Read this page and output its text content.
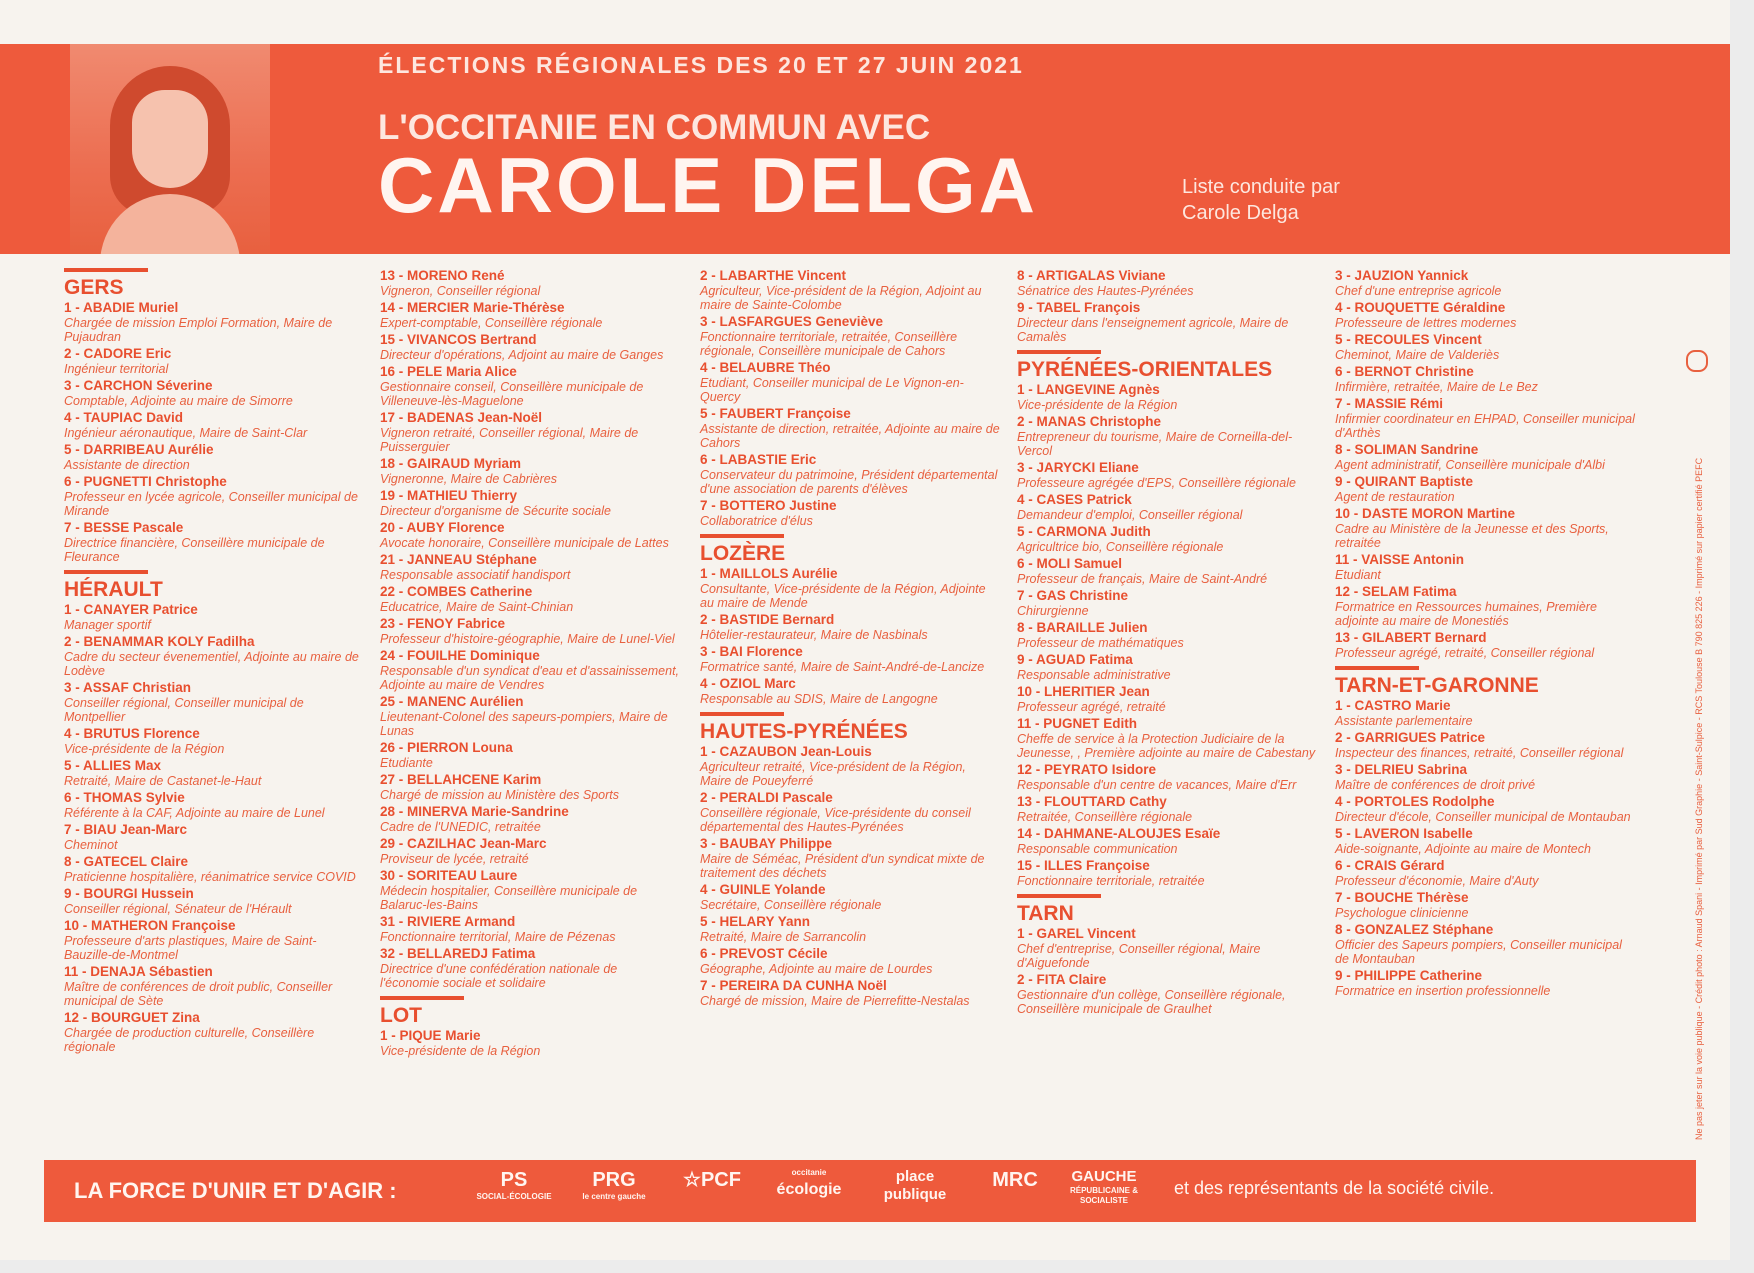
ÉLECTIONS RÉGIONALES DES 20 ET 27 JUIN 2021
L'OCCITANIE EN COMMUN AVEC
CAROLE DELGA	Liste conduite par Carole Delga
GERS
1 - ABADIE Muriel
Chargée de mission Emploi Formation, Maire de Pujaudran
2 - CADORE Eric
Ingénieur territorial
3 - CARCHON Séverine
Comptable, Adjointe au maire de Simorre
4 - TAUPIAC David
Ingénieur aéronautique, Maire de Saint-Clar
5 - DARRIBEAU Aurélie
Assistante de direction
6 - PUGNETTI Christophe
Professeur en lycée agricole, Conseiller municipal de Mirande
7 - BESSE Pascale
Directrice financière, Conseillère municipale de Fleurance
HÉRAULT
1 - CANAYER Patrice
Manager sportif
2 - BENAMMAR KOLY Fadilha
Cadre du secteur évenementiel, Adjointe au maire de Lodève
3 - ASSAF Christian
Conseiller régional, Conseiller municipal de Montpellier
4 - BRUTUS Florence
Vice-présidente de la Région
5 - ALLIES Max
Retraité, Maire de Castanet-le-Haut
6 - THOMAS Sylvie
Référente à la CAF, Adjointe au maire de Lunel
7 - BIAU Jean-Marc
Cheminot
8 - GATECEL Claire
Praticienne hospitalière, réanimatrice service COVID
9 - BOURGI Hussein
Conseiller régional, Sénateur de l'Hérault
10 - MATHERON Françoise
Professeure d'arts plastiques, Maire de Saint-Bauzille-de-Montmel
11 - DENAJA Sébastien
Maître de conférences de droit public, Conseiller municipal de Sète
12 - BOURGUET Zina
Chargée de production culturelle, Conseillère régionale
13 - MORENO René
Vigneron, Conseiller régional
14 - MERCIER Marie-Thérèse
Expert-comptable, Conseillère régionale
15 - VIVANCOS Bertrand
Directeur d'opérations, Adjoint au maire de Ganges
16 - PELE Maria Alice
Gestionnaire conseil, Conseillère municipale de Villeneuve-lès-Maguelone
17 - BADENAS Jean-Noël
Vigneron retraité, Conseiller régional, Maire de Puisserguier
18 - GAIRAUD Myriam
Vigneronne, Maire de Cabrières
19 - MATHIEU Thierry
Directeur d'organisme de Sécurite sociale
20 - AUBY Florence
Avocate honoraire, Conseillère municipale de Lattes
21 - JANNEAU Stéphane
Responsable associatif handisport
22 - COMBES Catherine
Educatrice, Maire de Saint-Chinian
23 - FENOY Fabrice
Professeur d'histoire-géographie, Maire de Lunel-Viel
24 - FOUILHE Dominique
Responsable d'un syndicat d'eau et d'assainissement, Adjointe au maire de Vendres
25 - MANENC Aurélien
Lieutenant-Colonel des sapeurs-pompiers, Maire de Lunas
26 - PIERRON Louna
Etudiante
27 - BELLAHCENE Karim
Chargé de mission au Ministère des Sports
28 - MINERVA Marie-Sandrine
Cadre de l'UNEDIC, retraitée
29 - CAZILHAC Jean-Marc
Proviseur de lycée, retraité
30 - SORITEAU Laure
Médecin hospitalier, Conseillère municipale de Balaruc-les-Bains
31 - RIVIERE Armand
Fonctionnaire territorial, Maire de Pézenas
32 - BELLAREDJ Fatima
Directrice d'une confédération nationale de l'économie sociale et solidaire
LOT
1 - PIQUE Marie
Vice-présidente de la Région
2 - LABARTHE Vincent
Agriculteur, Vice-président de la Région, Adjoint au maire de Sainte-Colombe
3 - LASFARGUES Geneviève
Fonctionnaire territoriale, retraitée, Conseillère régionale, Conseillère municipale de Cahors
4 - BELAUBRE Théo
Etudiant, Conseiller municipal de Le Vignon-en-Quercy
5 - FAUBERT Françoise
Assistante de direction, retraitée, Adjointe au maire de Cahors
6 - LABASTIE Eric
Conservateur du patrimoine, Président départemental d'une association de parents d'élèves
7 - BOTTERO Justine
Collaboratrice d'élus
LOZÈRE
1 - MAILLOLS Aurélie
Consultante, Vice-présidente de la Région, Adjointe au maire de Mende
2 - BASTIDE Bernard
Hôtelier-restaurateur, Maire de Nasbinals
3 - BAI Florence
Formatrice santé, Maire de Saint-André-de-Lancize
4 - OZIOL Marc
Responsable au SDIS, Maire de Langogne
HAUTES-PYRÉNÉES
1 - CAZAUBON Jean-Louis
Agriculteur retraité, Vice-président de la Région, Maire de Poueyferré
2 - PERALDI Pascale
Conseillère régionale, Vice-présidente du conseil départemental des Hautes-Pyrénées
3 - BAUBAY Philippe
Maire de Séméac, Président d'un syndicat mixte de traitement des déchets
4 - GUINLE Yolande
Secrétaire, Conseillère régionale
5 - HELARY Yann
Retraité, Maire de Sarrancolin
6 - PREVOST Cécile
Géographe, Adjointe au maire de Lourdes
7 - PEREIRA DA CUNHA Noël
Chargé de mission, Maire de Pierrefitte-Nestalas
8 - ARTIGALAS Viviane
Sénatrice des Hautes-Pyrénées
9 - TABEL François
Directeur dans l'enseignement agricole, Maire de Camalès
PYRÉNÉES-ORIENTALES
1 - LANGEVINE Agnès
Vice-présidente de la Région
2 - MANAS Christophe
Entrepreneur du tourisme, Maire de Corneilla-del-Vercol
3 - JARYCKI Eliane
Professeure agrégée d'EPS, Conseillère régionale
4 - CASES Patrick
Demandeur d'emploi, Conseiller régional
5 - CARMONA Judith
Agricultrice bio, Conseillère régionale
6 - MOLI Samuel
Professeur de français, Maire de Saint-André
7 - GAS Christine
Chirurgienne
8 - BARAILLE Julien
Professeur de mathématiques
9 - AGUAD Fatima
Responsable administrative
10 - LHERITIER Jean
Professeur agrégé, retraité
11 - PUGNET Edith
Cheffe de service à la Protection Judiciaire de la Jeunesse, , Première adjointe au maire de Cabestany
12 - PEYRATO Isidore
Responsable d'un centre de vacances, Maire d'Err
13 - FLOUTTARD Cathy
Retraitée, Conseillère régionale
14 - DAHMANE-ALOUJES Esaïe
Responsable communication
15 - ILLES Françoise
Fonctionnaire territoriale, retraitée
TARN
1 - GAREL Vincent
Chef d'entreprise, Conseiller régional, Maire d'Aiguefonde
2 - FITA Claire
Gestionnaire d'un collège, Conseillère régionale, Conseillère municipale de Graulhet
3 - JAUZION Yannick
Chef d'une entreprise agricole
4 - ROUQUETTE Géraldine
Professeure de lettres modernes
5 - RECOULES Vincent
Cheminot, Maire de Valderiès
6 - BERNOT Christine
Infirmière, retraitée, Maire de Le Bez
7 - MASSIE Rémi
Infirmier coordinateur en EHPAD, Conseiller municipal d'Arthès
8 - SOLIMAN Sandrine
Agent administratif, Conseillère municipale d'Albi
9 - QUIRANT Baptiste
Agent de restauration
10 - DASTE MORON Martine
Cadre au Ministère de la Jeunesse et des Sports, retraitée
11 - VAISSE Antonin
Etudiant
12 - SELAM Fatima
Formatrice en Ressources humaines, Première adjointe au maire de Monestiés
13 - GILABERT Bernard
Professeur agrégé, retraité, Conseiller régional
TARN-ET-GARONNE
1 - CASTRO Marie
Assistante parlementaire
2 - GARRIGUES Patrice
Inspecteur des finances, retraité, Conseiller régional
3 - DELRIEU Sabrina
Maître de conférences de droit privé
4 - PORTOLES Rodolphe
Directeur d'école, Conseiller municipal de Montauban
5 - LAVERON Isabelle
Aide-soignante, Adjointe au maire de Montech
6 - CRAIS Gérard
Professeur d'économie, Maire d'Auty
7 - BOUCHE Thérèse
Psychologue clinicienne
8 - GONZALEZ Stéphane
Officier des Sapeurs pompiers, Conseiller municipal de Montauban
9 - PHILIPPE Catherine
Formatrice en insertion professionnelle
LA FORCE D'UNIR ET D'AGIR :	PS
SOCIAL-ÉCOLOGIE
PRG
le centre gauche
☆PCF	occitanie
écologie
place publique
MRC	GAUCHE
RÉPUBLICAINE & SOCIALISTE
et des représentants de la société civile.
Ne pas jeter sur la voie publique - Crédit photo : Arnaud Spani - Imprimé par Sud Graphie - Saint-Sulpice - RCS Toulouse B 790 825 226 - Imprimé sur papier certifié PEFC
